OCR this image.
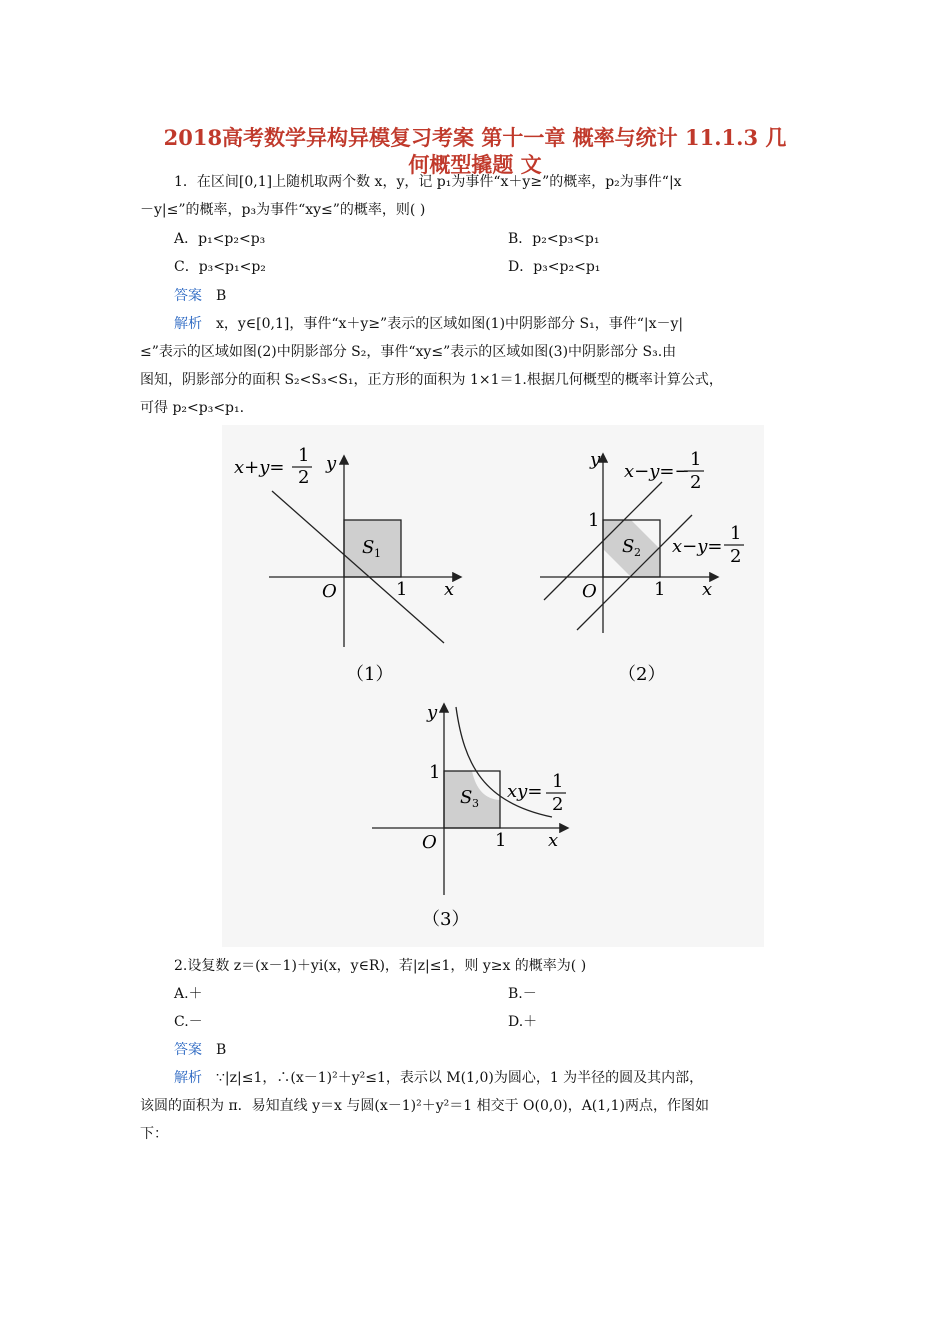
2018高考数学异构异模复习考案 第十一章 概率与统计 11.1.3 几
何概型撬题 文
1．在区间[0,1]上随机取两个数 x，y，记 p₁为事件“x＋y≥”的概率，p₂为事件“|x
－y|≤”的概率，p₃为事件“xy≤”的概率，则( )
A．p₁<p₂<p₃	B．p₂<p₃<p₁
C．p₃<p₁<p₂	D．p₃<p₂<p₁
答案 B
解析 x，y∈[0,1]，事件“x＋y≥”表示的区域如图(1)中阴影部分 S₁，事件“|x－y|
≤”表示的区域如图(2)中阴影部分 S₂，事件“xy≤”表示的区域如图(3)中阴影部分 S₃.由
图知，阴影部分的面积 S₂<S₃<S₁，正方形的面积为 1×1＝1.根据几何概型的概率计算公式，
可得 p₂<p₃<p₁.
x+y=
1
2
y
x
O	1
S 1
（1）
y
x−y=−
1
2
1
x−y=
1
2
S 2
O	1 x
（2）
y
1
xy= 1
2
S 3
O	1 x
（3）
2.设复数 z＝(x－1)＋yi(x，y∈R)，若|z|≤1，则 y≥x 的概率为( )
A.＋	B.－
C.－	D.＋
答案 B
解析 ∵|z|≤1，∴(x－1)²＋y²≤1，表示以 M(1,0)为圆心，1 为半径的圆及其内部，
该圆的面积为 π．易知直线 y＝x 与圆(x－1)²＋y²＝1 相交于 O(0,0)，A(1,1)两点，作图如
下：
